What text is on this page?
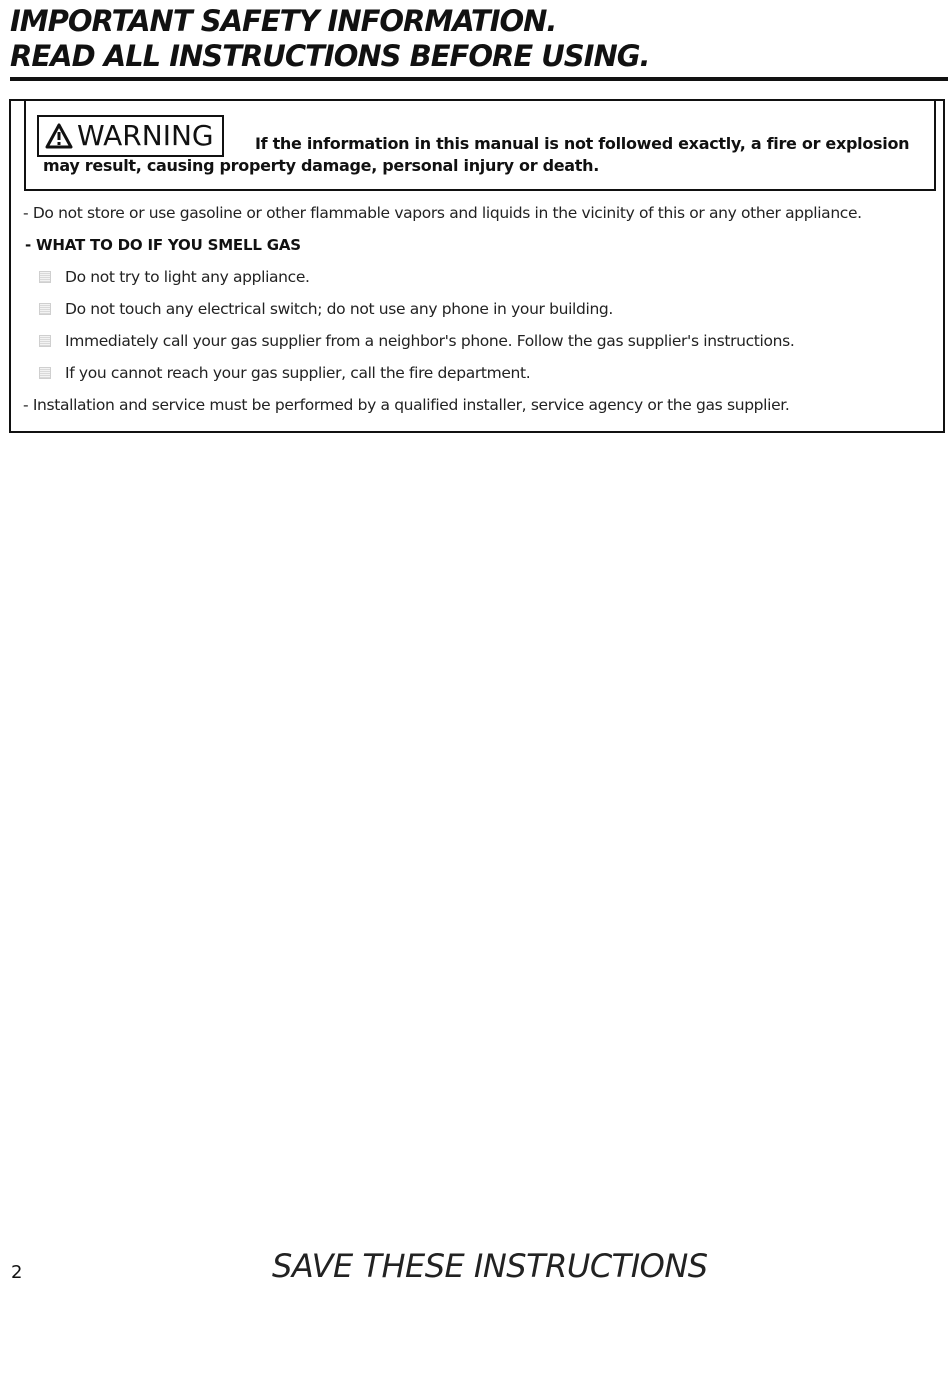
IMPORTANT SAFETY INFORMATION.
READ ALL INSTRUCTIONS BEFORE USING.
WARNING	If the information in this manual is not followed exactly, a fire or explosion may result, causing property damage, personal injury or death.
- Do not store or use gasoline or other flammable vapors and liquids in the vicinity of this or any other appliance.
- WHAT TO DO IF YOU SMELL GAS
Do not try to light any appliance.
Do not touch any electrical switch; do not use any phone in your building.
Immediately call your gas supplier from a neighbor's phone. Follow the gas supplier's instructions.
If you cannot reach your gas supplier, call the fire department.
- Installation and service must be performed by a qualified installer, service agency or the gas supplier.
2	SAVE THESE INSTRUCTIONS
